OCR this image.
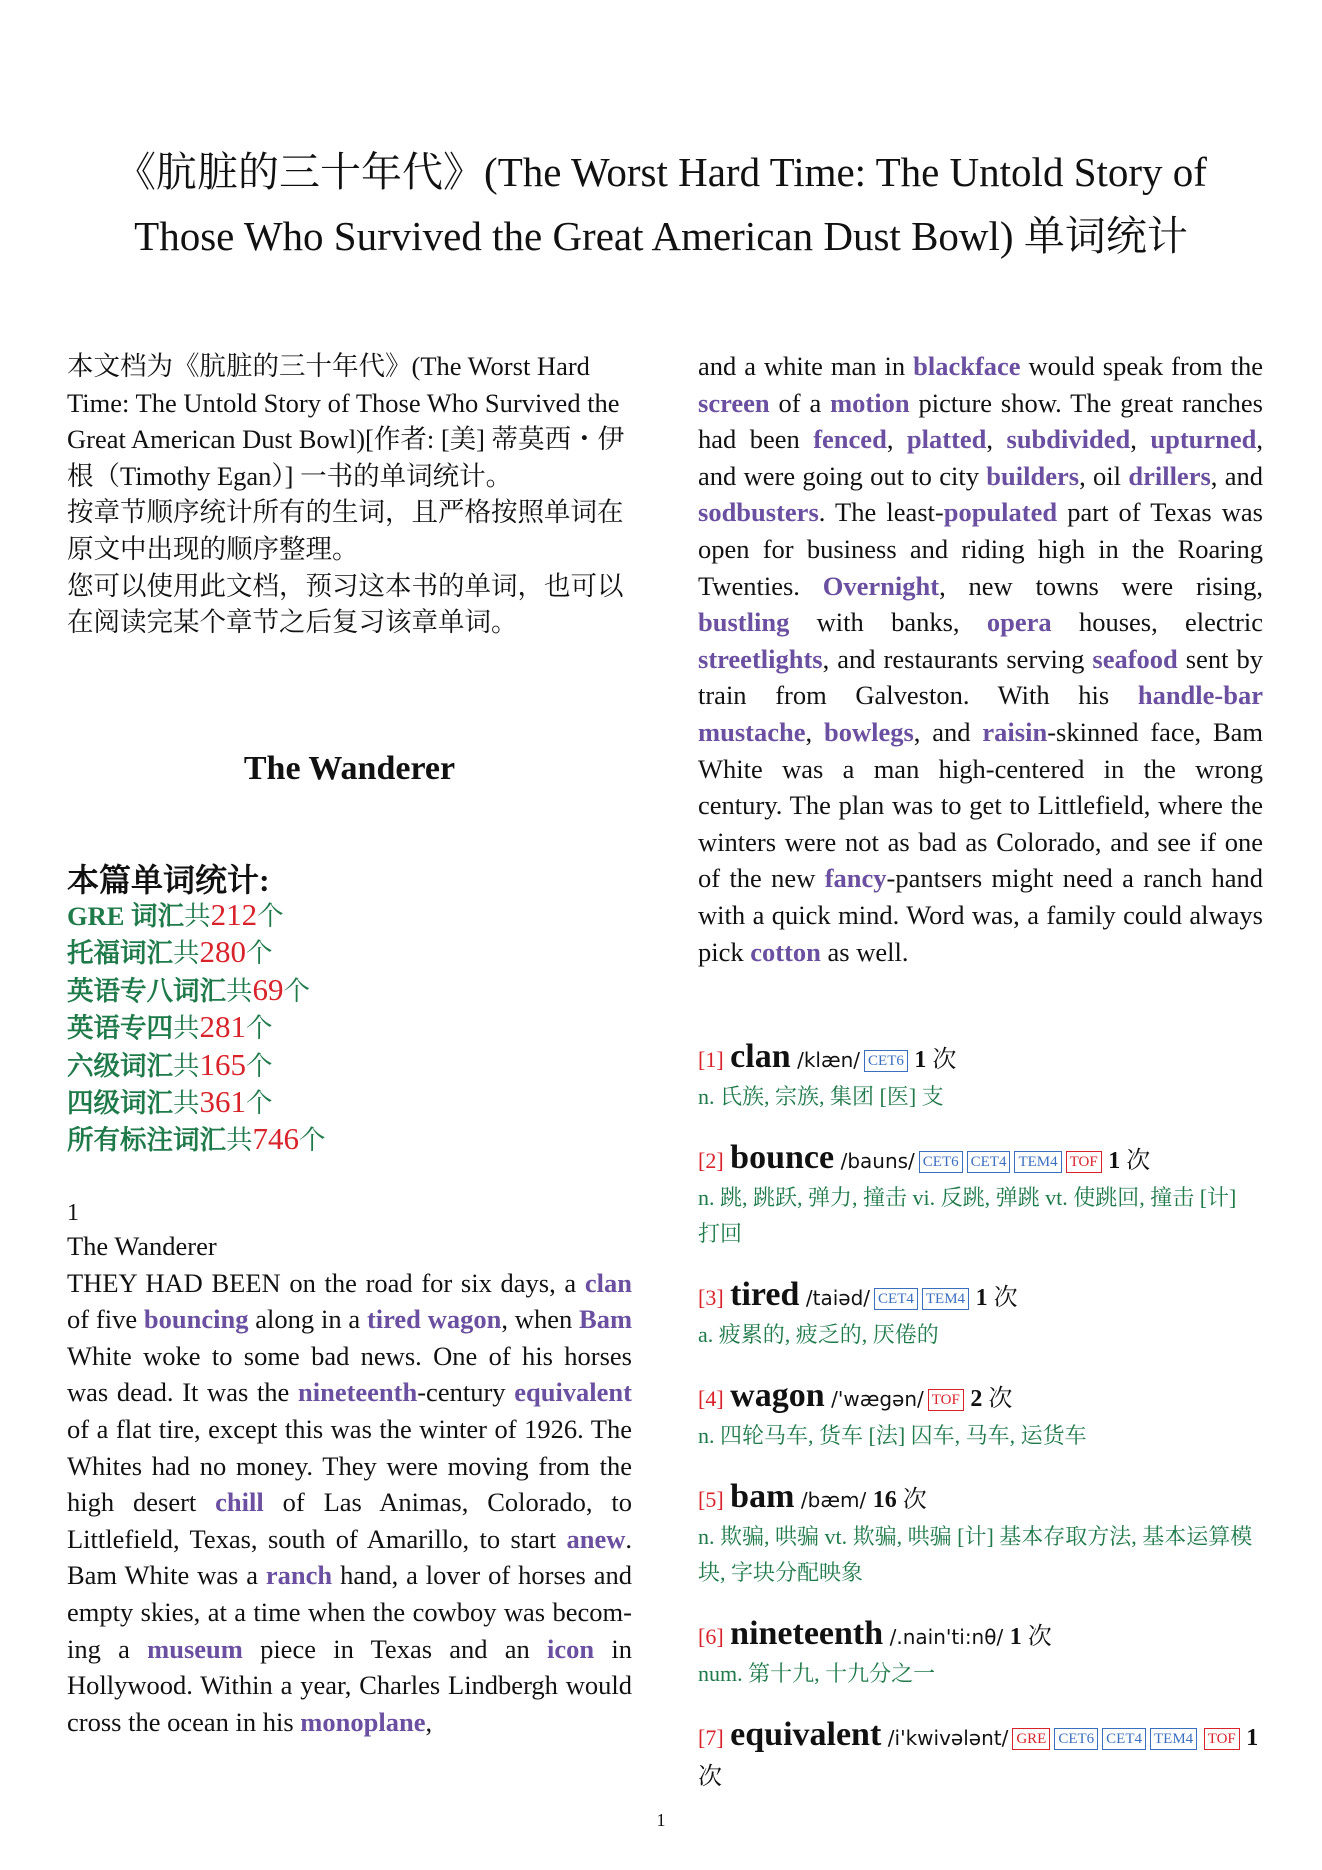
《肮脏的三十年代》(The Worst Hard Time: The Untold Story of
Those Who Survived the Great American Dust Bowl) 单词统计

本文档为《肮脏的三十年代》(The Worst Hard Time: The Untold Story of Those Who Survived the Great American Dust Bowl)[作者: [美] 蒂莫西・伊根（Timothy Egan）] 一书的单词统计。

按章节顺序统计所有的生词，且严格按照单词在原文中出现的顺序整理。

您可以使用此文档，预习这本书的单词，也可以在阅读完某个章节之后复习该章单词。

The Wanderer
本篇单词统计:
GRE 词汇共212个
托福词汇共280个
英语专八词汇共69个
英语专四共281个
六级词汇共165个
四级词汇共361个
所有标注词汇共746个
1

The Wanderer

THEY HAD BEEN on the road for six days, a clan of five bouncing along in a tired wagon, when Bam White woke to some bad news. One of his horses was dead. It was the nineteenth-century equivalent of a flat tire, except this was the winter of 1926. The Whites had no money. They were moving from the high desert chill of Las Animas, Colorado, to Littlefield, Texas, south of Amarillo, to start anew. Bam White was a ranch hand, a lover of horses and empty skies, at a time when the cowboy was becom-ing a museum piece in Texas and an icon in Hollywood. Within a year, Charles Lindbergh would cross the ocean in his monoplane,

and a white man in blackface would speak from the screen of a motion picture show. The great ranches had been fenced, platted, subdivided, upturned, and were going out to city builders, oil drillers, and sodbusters. The least-populated part of Texas was open for business and riding high in the Roaring Twenties. Overnight, new towns were rising, bustling with banks, opera houses, electric streetlights, and restaurants serving seafood sent by train from Galveston. With his handle-bar mustache, bowlegs, and raisin-skinned face, Bam White was a man high-centered in the wrong century. The plan was to get to Littlefield, where the winters were not as bad as Colorado, and see if one of the new fancy-pantsers might need a ranch hand with a quick mind. Word was, a family could always pick cotton as well.

[1] clan /klæn/ CET6 1 次
n. 氏族, 宗族, 集团 [医] 支
[2] bounce /bauns/ CET6 CET4 TEM4 TOF 1 次
n. 跳, 跳跃, 弹力, 撞击 vi. 反跳, 弹跳 vt. 使跳回, 撞击 [计] 打回
[3] tired /taiəd/ CET4 TEM4 1 次
a. 疲累的, 疲乏的, 厌倦的
[4] wagon /'wægən/ TOF 2 次
n. 四轮马车, 货车 [法] 囚车, 马车, 运货车
[5] bam /bæm/ 16 次
n. 欺骗, 哄骗 vt. 欺骗, 哄骗 [计] 基本存取方法, 基本运算模块, 字块分配映象
[6] nineteenth /.nain'ti:nθ/ 1 次
num. 第十九, 十九分之一
[7] equivalent /i'kwivələnt/ GRE CET6 CET4 TEM4 TOF 1 次
1
